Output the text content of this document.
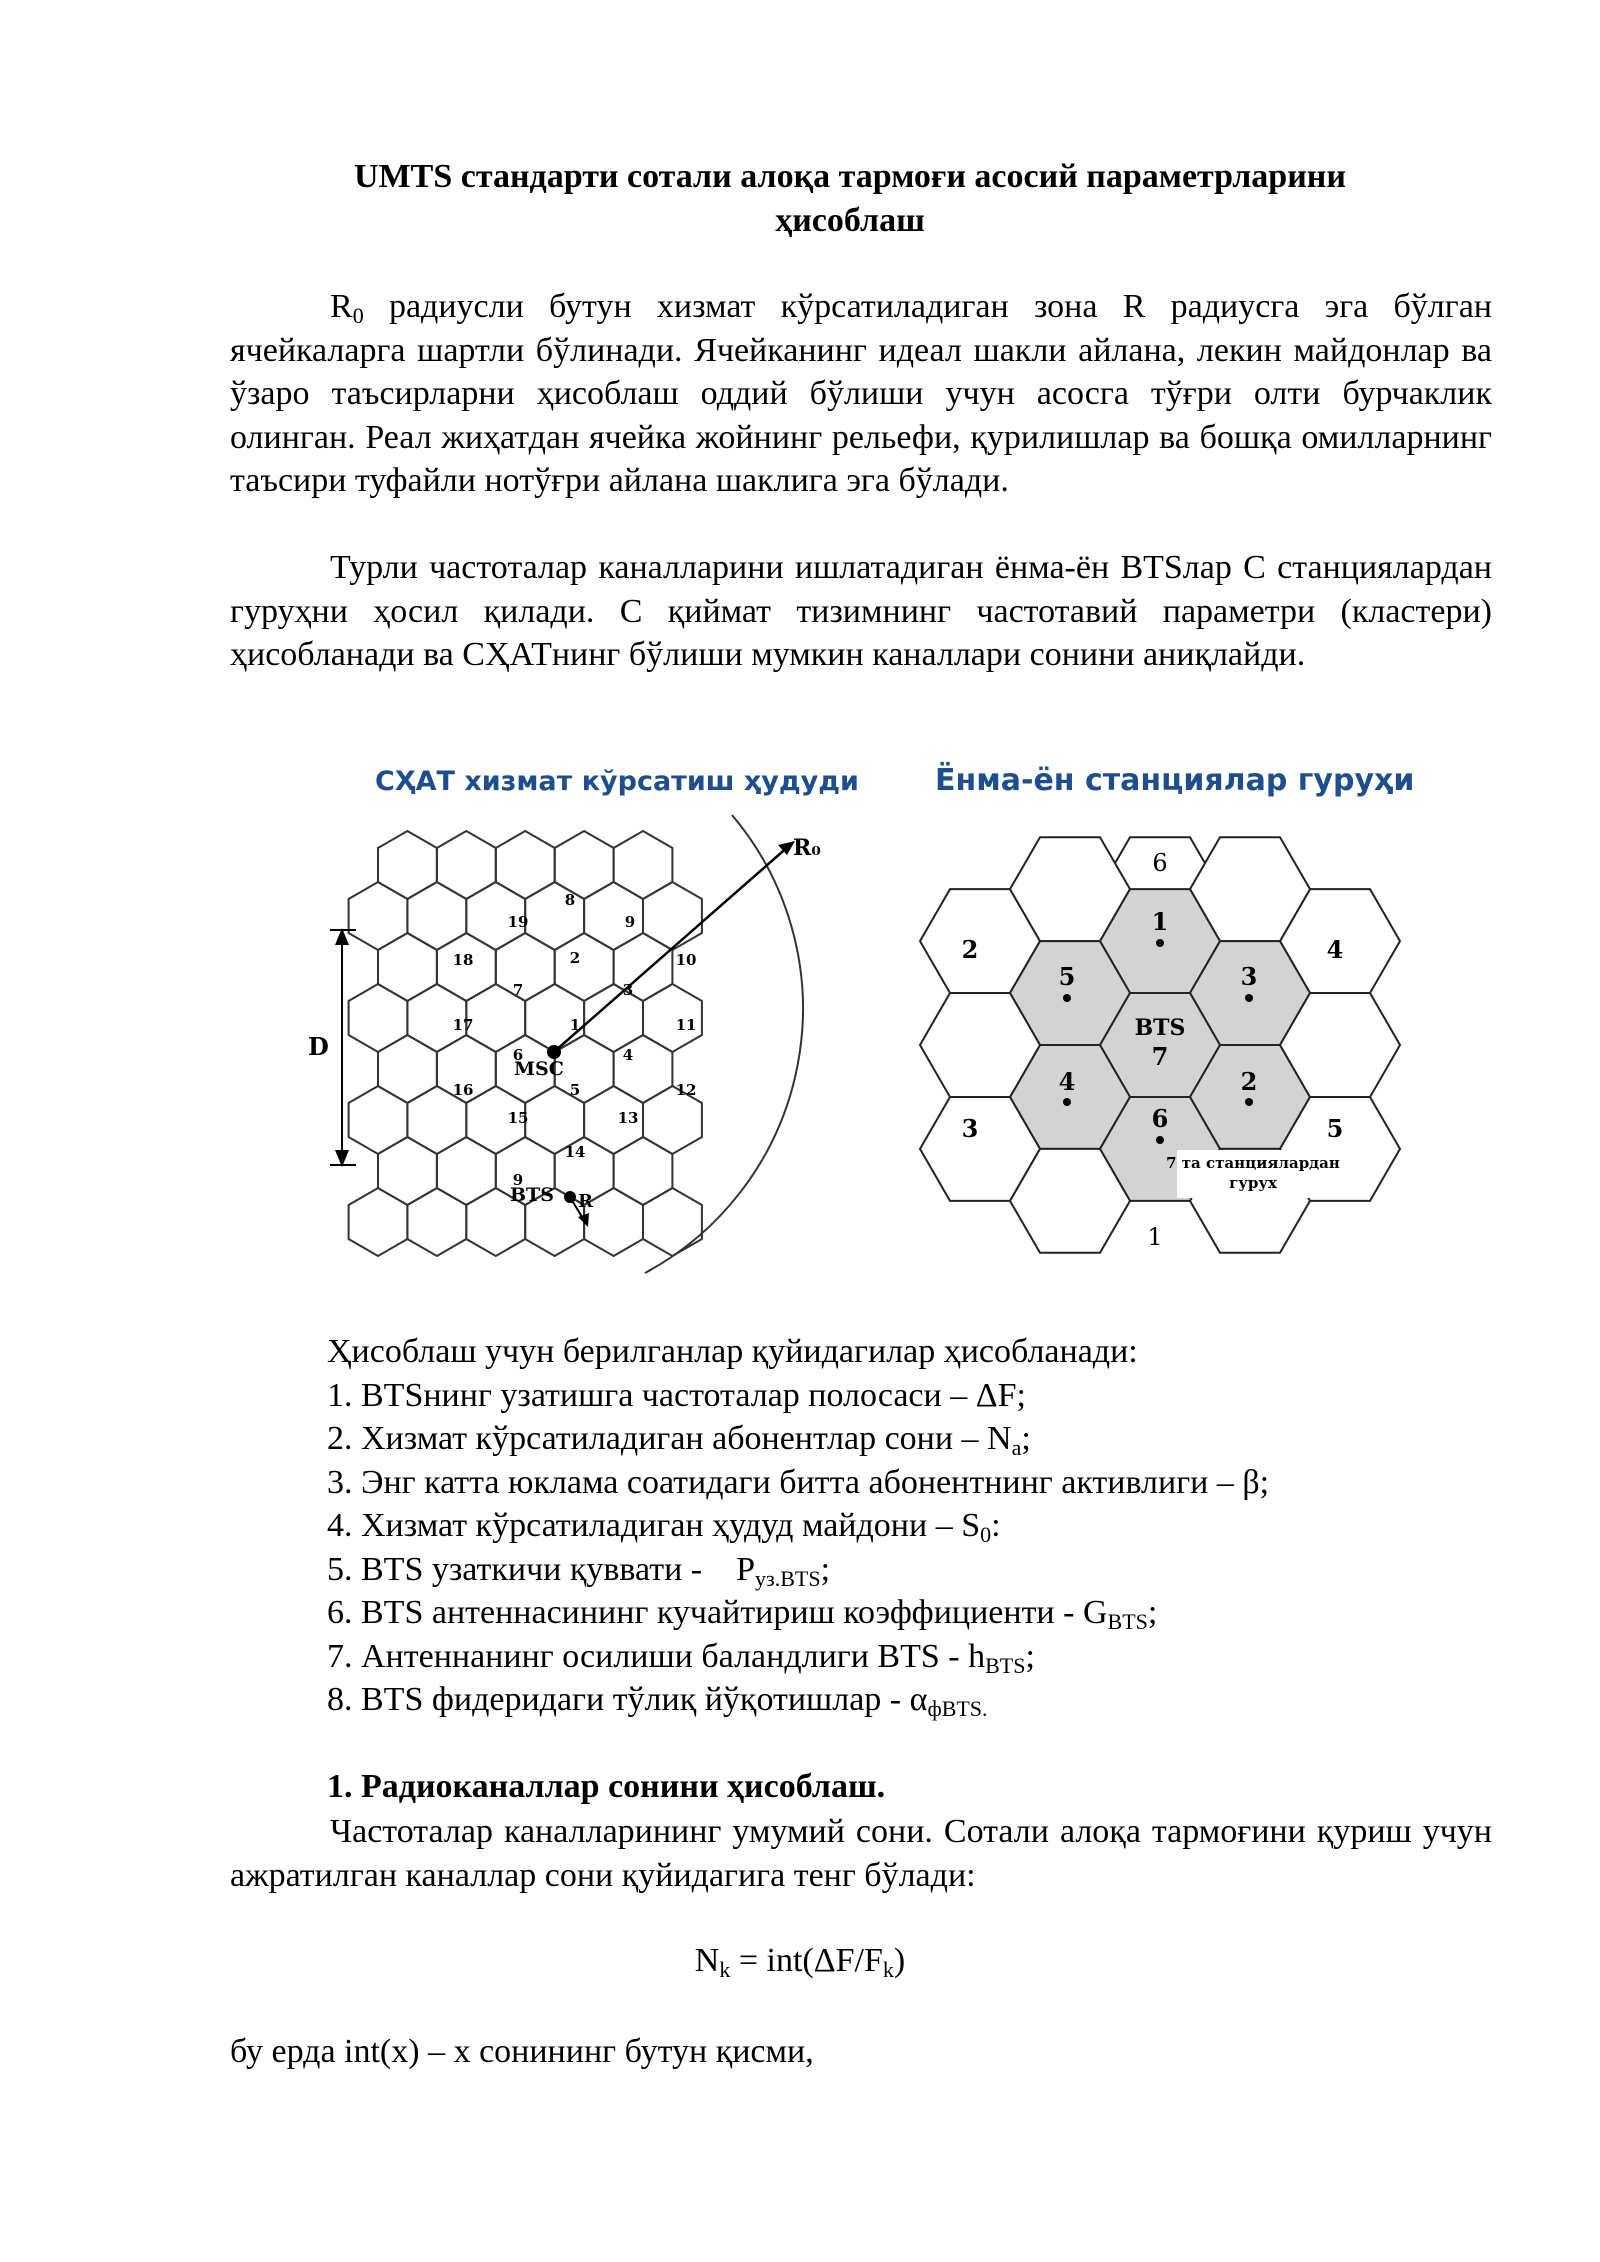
UMTS стандарти сотали алоқа тармоғи асосий параметрларини
ҳисоблаш

$R_0$ радиусли бутун хизмат кўрсатиладиган зона R радиусга эга бўлган ячейкаларга шартли бўлинади. Ячейканинг идеал шакли айлана, лекин майдонлар ва ўзаро таъсирларни ҳисоблаш оддий бўлиши учун асосга тўғри олти бурчаклик олинган. Реал жиҳатдан ячейка жойнинг рельефи, қурилишлар ва бошқа омилларнинг таъсири туфайли нотўғри айлана шаклига эга бўлади.

Турли частоталар каналларини ишлатадиган ёнма-ён BTSлар C станциялардан гуруҳни ҳосил қилади. C қиймат тизимнинг частотавий параметри (кластери) ҳисобланади ва СҲАТнинг бўлиши мумкин каналлари сонини аниқлайди.

СҲАТ хизмат кўрсатиш ҳудуди	Ёнма-ён станциялар гуруҳи
R₀
D
MSC
BTS R
8
19	9
18	2	10
7	3
17	1	11
6	4
16	5	12
15	13
14
9
6
2	4
1
5	3
BTS
7
4	2
6
3	5
1
7 та станциялардан
гурух
Ҳисоблаш учун берилганлар қуйидагилар ҳисобланади:
1. BTSнинг узатишга частоталар полосаси – ΔF;
2. Хизмат кўрсатиладиган абонентлар сони – $N_a$;
3. Энг катта юклама соатидаги битта абонентнинг активлиги – β;
4. Хизмат кўрсатиладиган ҳудуд майдони – $S_0$:
5. BTS узаткичи қуввати -    $P_{уз.BTS}$;
6. BTS антеннасининг кучайтириш коэффициенти - $G_{BTS}$;
7. Антеннанинг осилиши баландлиги BTS - $h_{BTS}$;
8. BTS фидеридаги тўлиқ йўқотишлар - $\alpha_{фBTS.}$
1. Радиоканаллар сонини ҳисоблаш.

Частоталар каналларининг умумий сони. Сотали алоқа тармоғини қуриш учун ажратилган каналлар сони қуйидагига тенг бўлади:

$N_k = int(\Delta F/F_k)$
бу ерда int(x) – x сонининг бутун қисми,
